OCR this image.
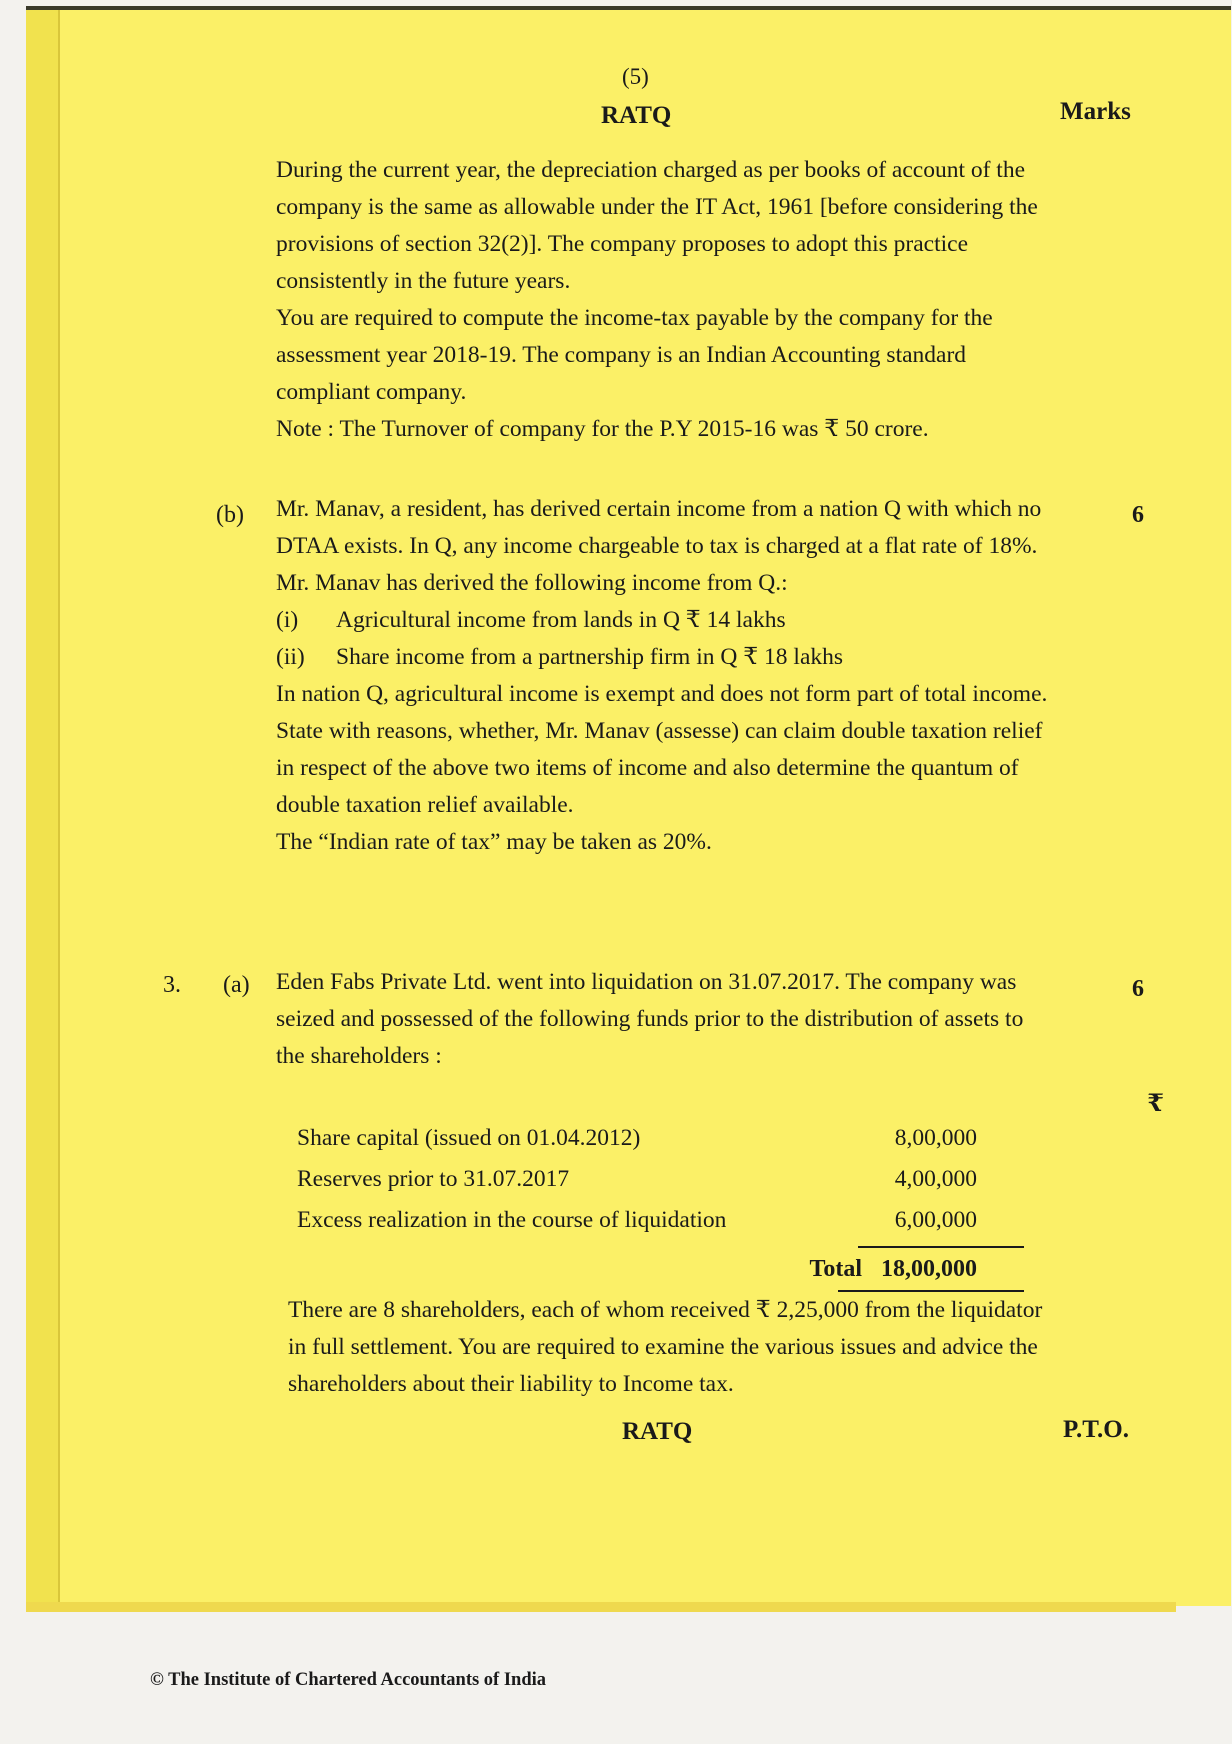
(5)
RATQ	Marks

During the current year, the depreciation charged as per books of account of the company is the same as allowable under the IT Act, 1961 [before considering the provisions of section 32(2)]. The company proposes to adopt this practice consistently in the future years.

You are required to compute the income-tax payable by the company for the assessment year 2018-19. The company is an Indian Accounting standard compliant company.

Note : The Turnover of company for the P.Y 2015-16 was ₹ 50 crore.

(b)	6

Mr. Manav, a resident, has derived certain income from a nation Q with which no DTAA exists. In Q, any income chargeable to tax is charged at a flat rate of 18%.

Mr. Manav has derived the following income from Q.:

(i) Agricultural income from lands in Q ₹ 14 lakhs

(ii) Share income from a partnership firm in Q ₹ 18 lakhs

In nation Q, agricultural income is exempt and does not form part of total income.

State with reasons, whether, Mr. Manav (assesse) can claim double taxation relief in respect of the above two items of income and also determine the quantum of double taxation relief available.

The “Indian rate of tax” may be taken as 20%.

3. (a)	6

Eden Fabs Private Ltd. went into liquidation on 31.07.2017. The company was seized and possessed of the following funds prior to the distribution of assets to the shareholders :

₹
Share capital (issued on 01.04.2012)	8,00,000
Reserves prior to 31.07.2017	4,00,000
Excess realization in the course of liquidation	6,00,000
Total 18,00,000

There are 8 shareholders, each of whom received ₹ 2,25,000 from the liquidator in full settlement. You are required to examine the various issues and advice the shareholders about their liability to Income tax.

RATQ	P.T.O.
© The Institute of Chartered Accountants of India
